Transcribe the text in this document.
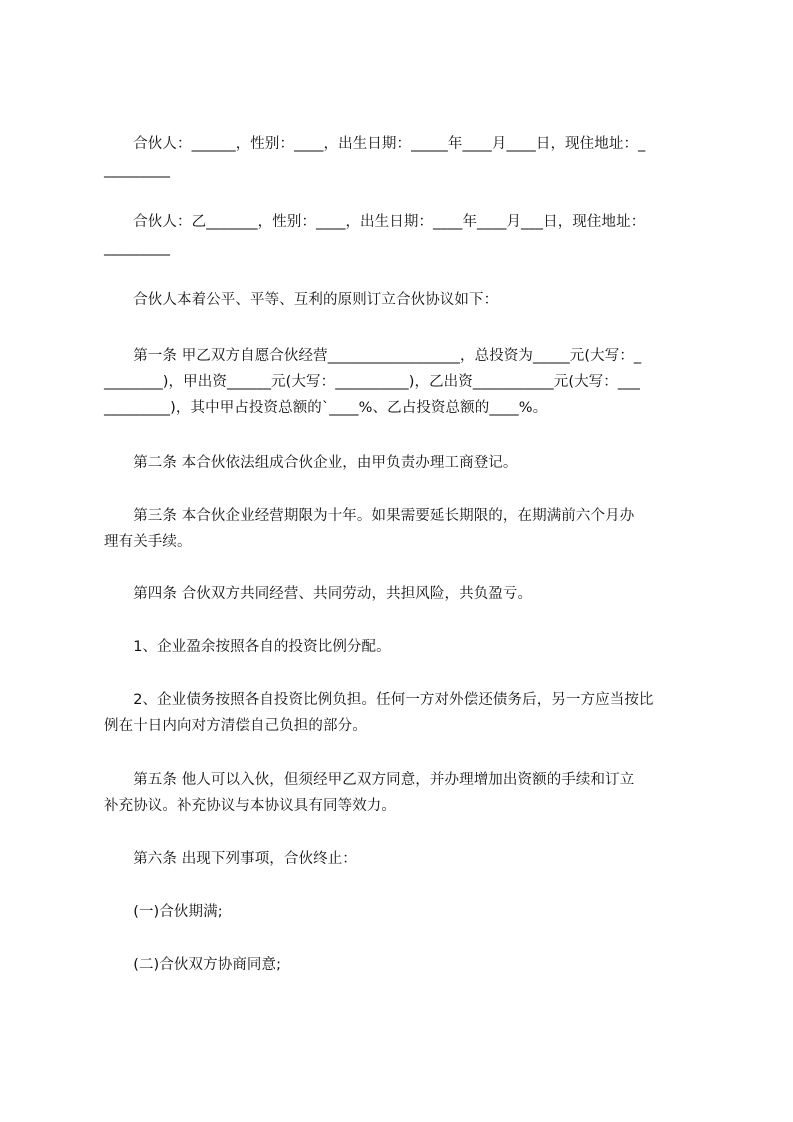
　　合伙人：______，性别：____，出生日期：_____年____月____日，现住地址：_
_________

　　合伙人：乙_______，性别：____，出生日期：____年____月___日，现住地址：
_________

　　合伙人本着公平、平等、互利的原则订立合伙协议如下：

　　第一条 甲乙双方自愿合伙经营__________________，总投资为_____元(大写：_
________)，甲出资______元(大写：__________)，乙出资___________元(大写：___
_________)，其中甲占投资总额的`____%、乙占投资总额的____%。

　　第二条 本合伙依法组成合伙企业，由甲负责办理工商登记。

　　第三条 本合伙企业经营期限为十年。如果需要延长期限的，在期满前六个月办
理有关手续。

　　第四条 合伙双方共同经营、共同劳动，共担风险，共负盈亏。

　　1、企业盈余按照各自的投资比例分配。

　　2、企业债务按照各自投资比例负担。任何一方对外偿还债务后，另一方应当按比
例在十日内向对方清偿自己负担的部分。

　　第五条 他人可以入伙，但须经甲乙双方同意，并办理增加出资额的手续和订立
补充协议。补充协议与本协议具有同等效力。

　　第六条 出现下列事项，合伙终止：

　　(一)合伙期满;

　　(二)合伙双方协商同意;
